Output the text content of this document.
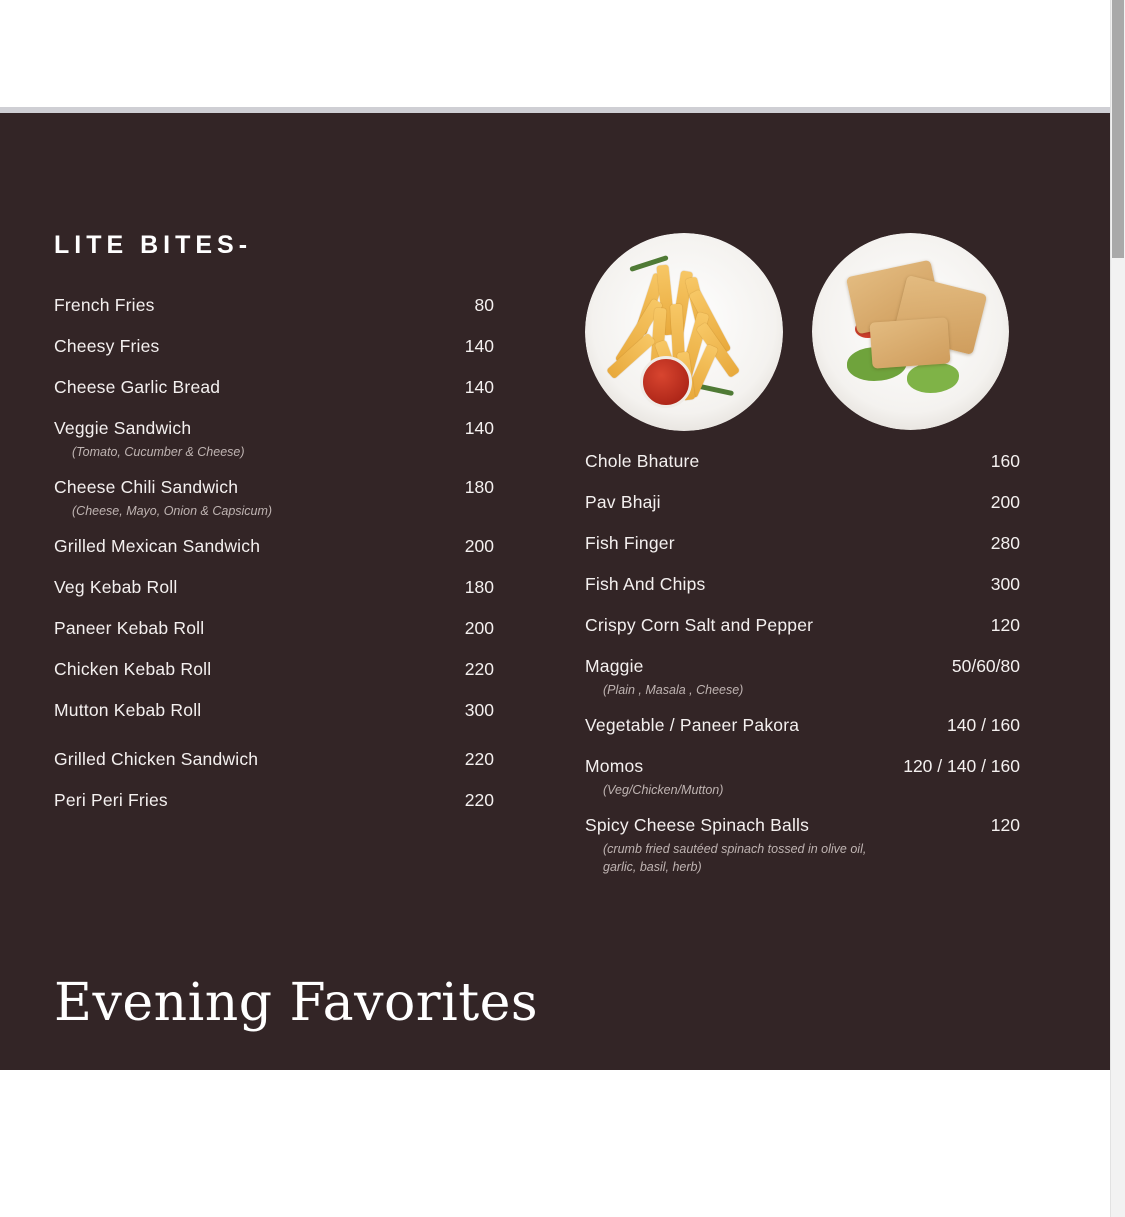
LITE BITES-
French Fries	80
Cheesy Fries	140
Cheese Garlic Bread	140
Veggie Sandwich	140
(Tomato, Cucumber & Cheese)
Cheese Chili Sandwich	180
(Cheese, Mayo, Onion & Capsicum)
Grilled Mexican Sandwich	200
Veg Kebab Roll	180
Paneer Kebab Roll	200
Chicken Kebab Roll	220
Mutton Kebab Roll	300
Grilled Chicken Sandwich	220
Peri Peri Fries	220
Chole Bhature	160
Pav Bhaji	200
Fish Finger	280
Fish And Chips	300
Crispy Corn Salt and Pepper	120
Maggie	50/60/80
(Plain , Masala , Cheese)
Vegetable / Paneer Pakora	140 / 160
Momos	120 / 140 / 160
(Veg/Chicken/Mutton)
Spicy Cheese Spinach Balls	120
(crumb fried sautéed spinach tossed in olive oil, garlic, basil, herb)
Evening Favorites
